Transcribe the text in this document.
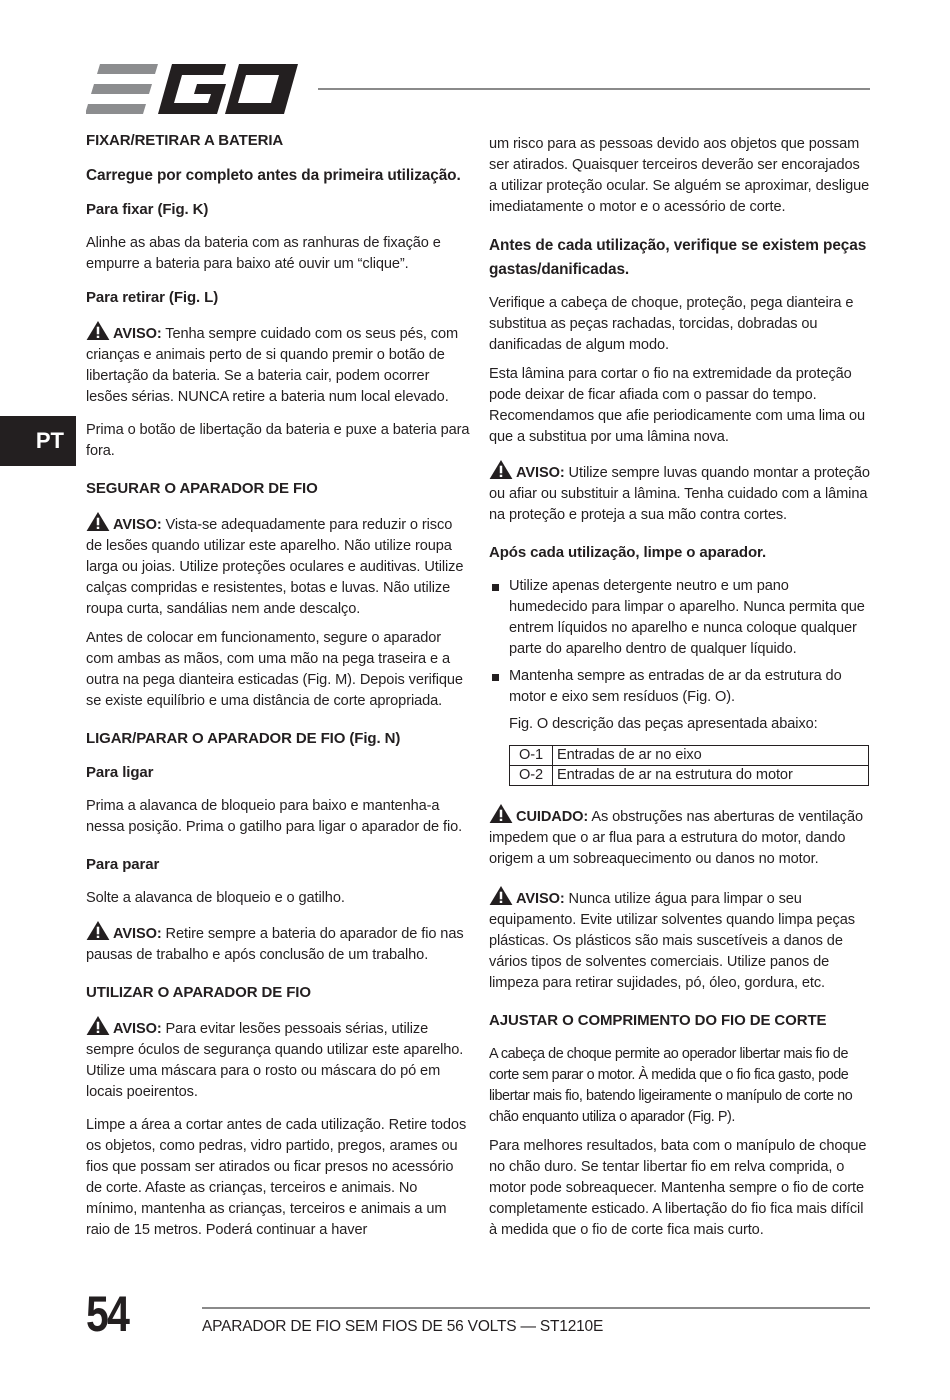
PT
FIXAR/RETIRAR A BATERIA
Carregue por completo antes da primeira utilização.
Para fixar (Fig. K)

Alinhe as abas da bateria com as ranhuras de fixação e empurre a bateria para baixo até ouvir um “clique”.

Para retirar (Fig. L)

AVISO: Tenha sempre cuidado com os seus pés, com crianças e animais perto de si quando premir o botão de libertação da bateria. Se a bateria cair, podem ocorrer lesões sérias. NUNCA retire a bateria num local elevado.

Prima o botão de libertação da bateria e puxe a bateria para fora.

SEGURAR O APARADOR DE FIO

AVISO: Vista-se adequadamente para reduzir o risco de lesões quando utilizar este aparelho. Não utilize roupa larga ou joias. Utilize proteções oculares e auditivas. Utilize calças compridas e resistentes, botas e luvas. Não utilize roupa curta, sandálias nem ande descalço.

Antes de colocar em funcionamento, segure o aparador com ambas as mãos, com uma mão na pega traseira e a outra na pega dianteira esticadas (Fig. M). Depois verifique se existe equilíbrio e uma distância de corte apropriada.

LIGAR/PARAR O APARADOR DE FIO (Fig. N)
Para ligar

Prima a alavanca de bloqueio para baixo e mantenha-a nessa posição. Prima o gatilho para ligar o aparador de fio.

Para parar

Solte a alavanca de bloqueio e o gatilho.

AVISO: Retire sempre a bateria do aparador de fio nas pausas de trabalho e após conclusão de um trabalho.

UTILIZAR O APARADOR DE FIO

AVISO: Para evitar lesões pessoais sérias, utilize sempre óculos de segurança quando utilizar este aparelho. Utilize uma máscara para o rosto ou máscara do pó em locais poeirentos.

Limpe a área a cortar antes de cada utilização. Retire todos os objetos, como pedras, vidro partido, pregos, arames ou fios que possam ser atirados ou ficar presos no acessório de corte. Afaste as crianças, terceiros e animais. No mínimo, mantenha as crianças, terceiros e animais a um raio de 15 metros. Poderá continuar a haver

um risco para as pessoas devido aos objetos que possam ser atirados. Quaisquer terceiros deverão ser encorajados a utilizar proteção ocular. Se alguém se aproximar, desligue imediatamente o motor e o acessório de corte.

Antes de cada utilização, verifique se existem peças gastas/danificadas.

Verifique a cabeça de choque, proteção, pega dianteira e substitua as peças rachadas, torcidas, dobradas ou danificadas de algum modo.

Esta lâmina para cortar o fio na extremidade da proteção pode deixar de ficar afiada com o passar do tempo. Recomendamos que afie periodicamente com uma lima ou que a substitua por uma lâmina nova.

AVISO: Utilize sempre luvas quando montar a proteção ou afiar ou substituir a lâmina. Tenha cuidado com a lâmina na proteção e proteja a sua mão contra cortes.

Após cada utilização, limpe o aparador.
Utilize apenas detergente neutro e um pano humedecido para limpar o aparelho. Nunca permita que entrem líquidos no aparelho e nunca coloque qualquer parte do aparelho dentro de qualquer líquido.
Mantenha sempre as entradas de ar da estrutura do motor e eixo sem resíduos (Fig. O).

Fig. O descrição das peças apresentada abaixo:

O-1	Entradas de ar no eixo
O-2	Entradas de ar na estrutura do motor

CUIDADO: As obstruções nas aberturas de ventilação impedem que o ar flua para a estrutura do motor, dando origem a um sobreaquecimento ou danos no motor.

AVISO: Nunca utilize água para limpar o seu equipamento. Evite utilizar solventes quando limpa peças plásticas. Os plásticos são mais suscetíveis a danos de vários tipos de solventes comerciais. Utilize panos de limpeza para retirar sujidades, pó, óleo, gordura, etc.

AJUSTAR O COMPRIMENTO DO FIO DE CORTE

A cabeça de choque permite ao operador libertar mais fio de corte sem parar o motor. À medida que o fio fica gasto, pode libertar mais fio, batendo ligeiramente o manípulo de corte no chão enquanto utiliza o aparador (Fig. P).

Para melhores resultados, bata com o manípulo de choque no chão duro. Se tentar libertar fio em relva comprida, o motor pode sobreaquecer. Mantenha sempre o fio de corte completamente esticado. A libertação do fio fica mais difícil à medida que o fio de corte fica mais curto.

54	APARADOR DE FIO SEM FIOS DE 56 VOLTS — ST1210E
